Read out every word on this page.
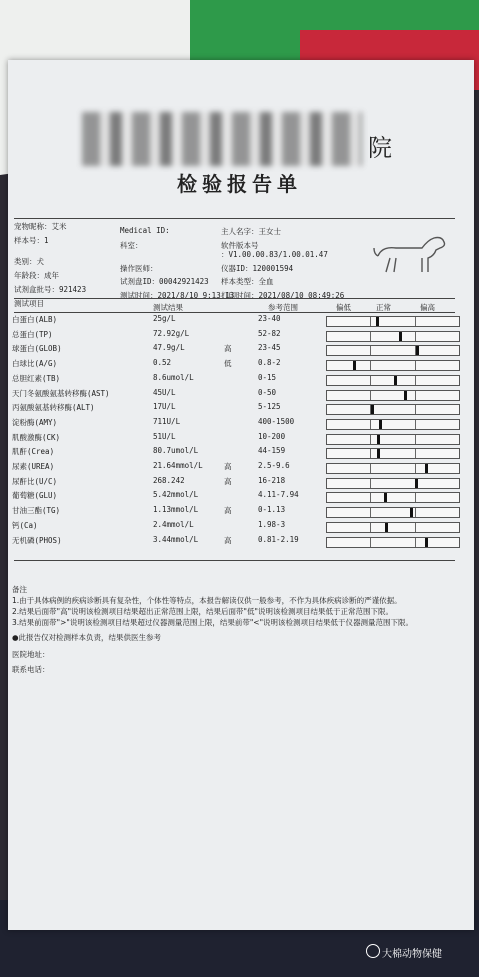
院
检验报告单
宠物昵称：艾米
样本号：1
类别：犬
年龄段：成年
试剂盒批号：921423
Medical ID:
科室：
操作医师：
试剂盘ID：00042921423
测试时间：2021/8/10 9:13:13
主人名字：王女士
软件版本号
：V1.00.00.83/1.00.01.47
仪器ID：120001594
样本类型：全血
打印时间：2021/08/10 08:49:26
测试项目	测试结果	参考范围	偏低	正常	偏高
白蛋白(ALB)	25g/L	23-40
总蛋白(TP)	72.92g/L	52-82
球蛋白(GLOB)	47.9g/L	高	23-45
白球比(A/G)	0.52	低	0.8-2
总胆红素(TB)	8.6umol/L	0-15
天门冬氨酸氨基转移酶(AST)	45U/L	0-50
丙氨酸氨基转移酶(ALT)	17U/L	5-125
淀粉酶(AMY)	711U/L	400-1500
肌酸激酶(CK)	51U/L	10-200
肌酐(Crea)	80.7umol/L	44-159
尿素(UREA)	21.64mmol/L	高	2.5-9.6
尿酐比(U/C)	268.242	高	16-218
葡萄糖(GLU)	5.42mmol/L	4.11-7.94
甘油三酯(TG)	1.13mmol/L	高	0-1.13
钙(Ca)	2.4mmol/L	1.98-3
无机磷(PHOS)	3.44mmol/L	高	0.81-2.19
备注
1.由于具体病例的疾病诊断具有复杂性，个体性等特点，本报告解读仅供一般参考，不作为具体疾病诊断的严谨依据。
2.结果后面带"高"说明该检测项目结果超出正常范围上限，结果后面带"低"说明该检测项目结果低于正常范围下限。
3.结果前面带">"说明该检测项目结果超过仪器测量范围上限，结果前带"<"说明该检测项目结果低于仪器测量范围下限。
●此报告仅对检测样本负责，结果供医生参考
医院地址：
联系电话：
大棉动物保健
